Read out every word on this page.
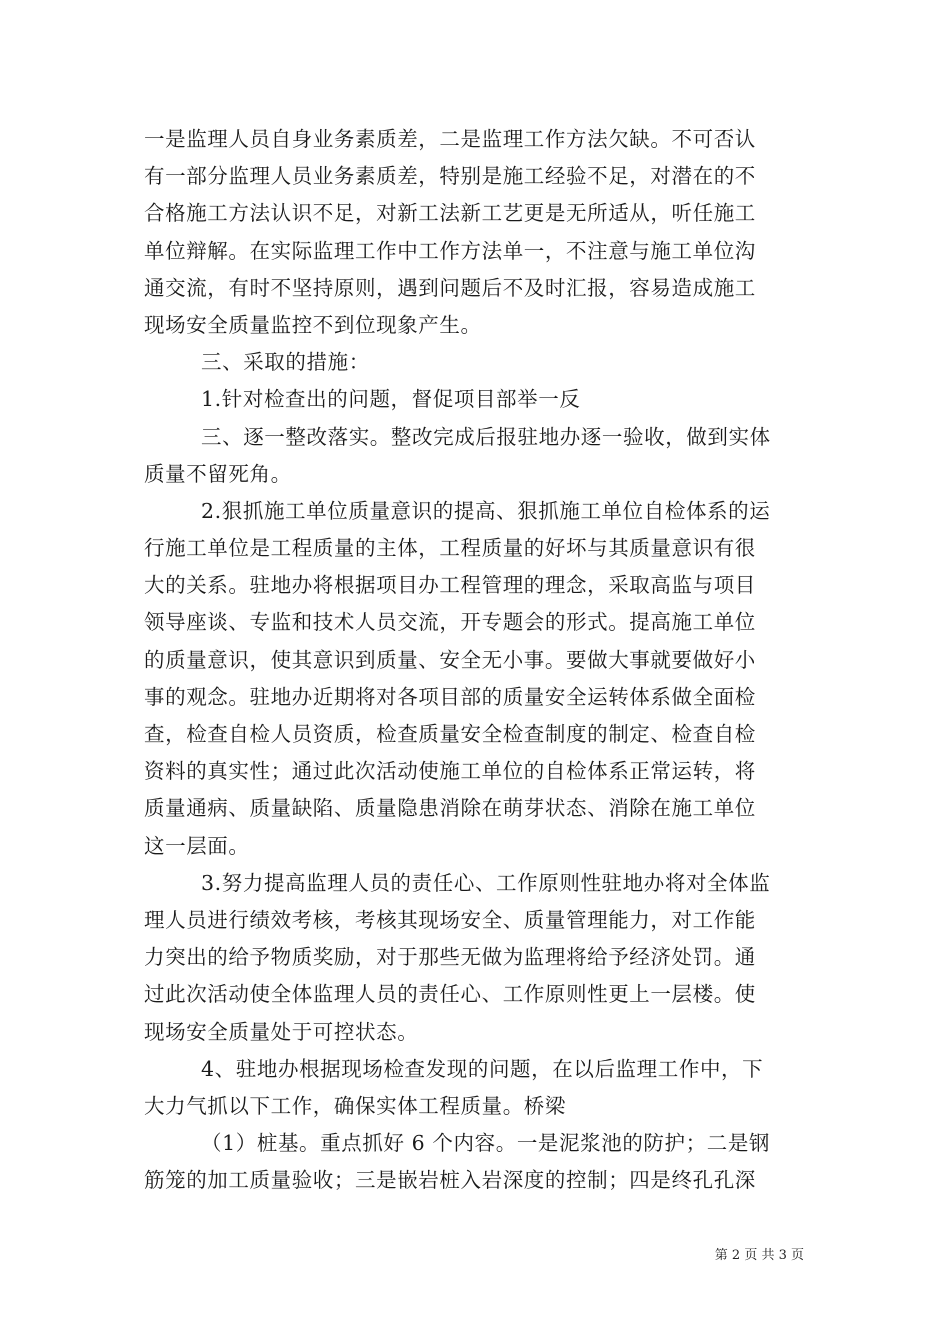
一是监理人员自身业务素质差，二是监理工作方法欠缺。不可否认
有一部分监理人员业务素质差，特别是施工经验不足，对潜在的不
合格施工方法认识不足，对新工法新工艺更是无所适从，听任施工
单位辩解。在实际监理工作中工作方法单一，不注意与施工单位沟
通交流，有时不坚持原则，遇到问题后不及时汇报，容易造成施工
现场安全质量监控不到位现象产生。
三、采取的措施：
1.针对检查出的问题，督促项目部举一反
三、逐一整改落实。整改完成后报驻地办逐一验收，做到实体
质量不留死角。
2.狠抓施工单位质量意识的提高、狠抓施工单位自检体系的运
行施工单位是工程质量的主体，工程质量的好坏与其质量意识有很
大的关系。驻地办将根据项目办工程管理的理念，采取高监与项目
领导座谈、专监和技术人员交流，开专题会的形式。提高施工单位
的质量意识，使其意识到质量、安全无小事。要做大事就要做好小
事的观念。驻地办近期将对各项目部的质量安全运转体系做全面检
查，检查自检人员资质，检查质量安全检查制度的制定、检查自检
资料的真实性；通过此次活动使施工单位的自检体系正常运转，将
质量通病、质量缺陷、质量隐患消除在萌芽状态、消除在施工单位
这一层面。
3.努力提高监理人员的责任心、工作原则性驻地办将对全体监
理人员进行绩效考核，考核其现场安全、质量管理能力，对工作能
力突出的给予物质奖励，对于那些无做为监理将给予经济处罚。通
过此次活动使全体监理人员的责任心、工作原则性更上一层楼。使
现场安全质量处于可控状态。
4、驻地办根据现场检查发现的问题，在以后监理工作中，下
大力气抓以下工作，确保实体工程质量。桥梁
（1）桩基。重点抓好 6 个内容。一是泥浆池的防护；二是钢
筋笼的加工质量验收；三是嵌岩桩入岩深度的控制；四是终孔孔深
第 2 页 共 3 页
